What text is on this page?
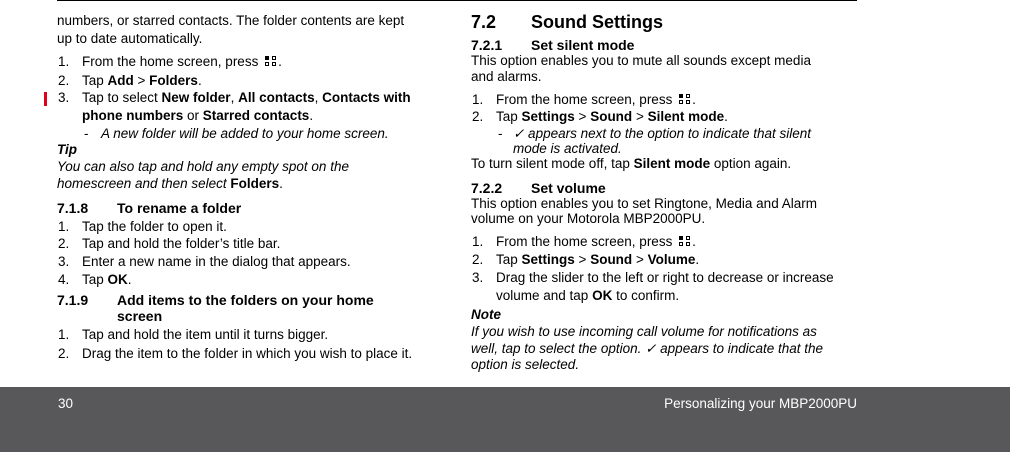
numbers, or starred contacts. The folder contents are kept
up to date automatically.
1. From the home screen, press .
2. Tap Add > Folders.
3. Tap to select New folder, All contacts, Contacts with
phone numbers or Starred contacts.
- A new folder will be added to your home screen.
Tip
You can also tap and hold any empty spot on the
homescreen and then select Folders.
7.1.8 To rename a folder
1. Tap the folder to open it.
2. Tap and hold the folder’s title bar.
3. Enter a new name in the dialog that appears.
4. Tap OK.
7.1.9 Add items to the folders on your home
screen
1. Tap and hold the item until it turns bigger.
2. Drag the item to the folder in which you wish to place it.
7.2 Sound Settings
7.2.1 Set silent mode
This option enables you to mute all sounds except media
and alarms.
1. From the home screen, press .
2. Tap Settings > Sound > Silent mode.
- ✓ appears next to the option to indicate that silent
mode is activated.
To turn silent mode off, tap Silent mode option again.
7.2.2 Set volume
This option enables you to set Ringtone, Media and Alarm
volume on your Motorola MBP2000PU.
1. From the home screen, press .
2. Tap Settings > Sound > Volume.
3. Drag the slider to the left or right to decrease or increase
volume and tap OK to confirm.
Note
If you wish to use incoming call volume for notifications as
well, tap to select the option. ✓ appears to indicate that the
option is selected.
30	Personalizing your MBP2000PU
